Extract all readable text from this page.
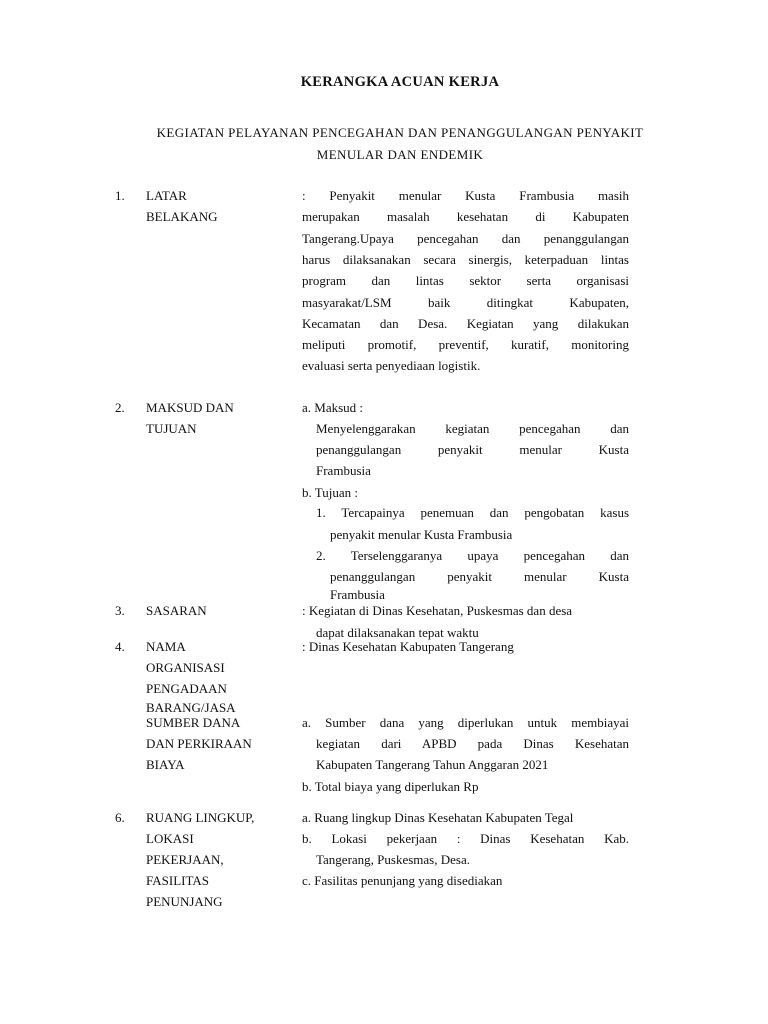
KERANGKA ACUAN KERJA
KEGIATAN PELAYANAN PENCEGAHAN DAN PENANGGULANGAN PENYAKIT
MENULAR DAN ENDEMIK
1. LATAR
BELAKANG
: Penyakit menular Kusta Frambusia masih
merupakan masalah kesehatan di Kabupaten
Tangerang.Upaya pencegahan dan penanggulangan
harus dilaksanakan secara sinergis, keterpaduan lintas
program dan lintas sektor serta organisasi
masyarakat/LSM baik ditingkat Kabupaten,
Kecamatan dan Desa. Kegiatan yang dilakukan
meliputi promotif, preventif, kuratif, monitoring
evaluasi serta penyediaan logistik.
2. MAKSUD DAN
TUJUAN
a. Maksud :
Menyelenggarakan kegiatan pencegahan dan
penanggulangan penyakit menular Kusta
Frambusia
b. Tujuan :
1. Tercapainya penemuan dan pengobatan kasus
penyakit menular Kusta Frambusia
2. Terselenggaranya upaya pencegahan dan
penanggulangan penyakit menular Kusta
Frambusia
3. SASARAN	: Kegiatan di Dinas Kesehatan, Puskesmas dan desa
dapat dilaksanakan tepat waktu
4. NAMA
ORGANISASI
PENGADAAN
BARANG/JASA
: Dinas Kesehatan Kabupaten Tangerang
SUMBER DANA
DAN PERKIRAAN
BIAYA
a. Sumber dana yang diperlukan untuk membiayai
kegiatan dari APBD pada Dinas Kesehatan
Kabupaten Tangerang Tahun Anggaran 2021
b. Total biaya yang diperlukan Rp
6. RUANG LINGKUP,
LOKASI
PEKERJAAN,
FASILITAS
PENUNJANG
a. Ruang lingkup Dinas Kesehatan Kabupaten Tegal
b. Lokasi pekerjaan : Dinas Kesehatan Kab.
Tangerang, Puskesmas, Desa.
c. Fasilitas penunjang yang disediakan
